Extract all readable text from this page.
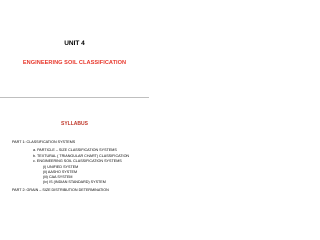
UNIT 4
ENGINEERING SOIL CLASSIFICATION
SYLLABUS
PART 1: CLASSIFICATION SYSTEMS
a. PARTICLE – SIZE CLASSIFICATION SYSTEMS
b. TEXTURAL ( TRIANGULAR CHART) CLASSIFICATION
c. ENGINEERING SOIL CLASSIFICATION SYSTEMS
(i) UNIFIED SYSTEM
(ii) AASHO SYSTEM
(iii) CAA SYSTEM
(iv) IS (INDIAN STANDARD) SYSTEM
PART 2: GRAIN – SIZE DISTRIBUTION DETERMINATION
